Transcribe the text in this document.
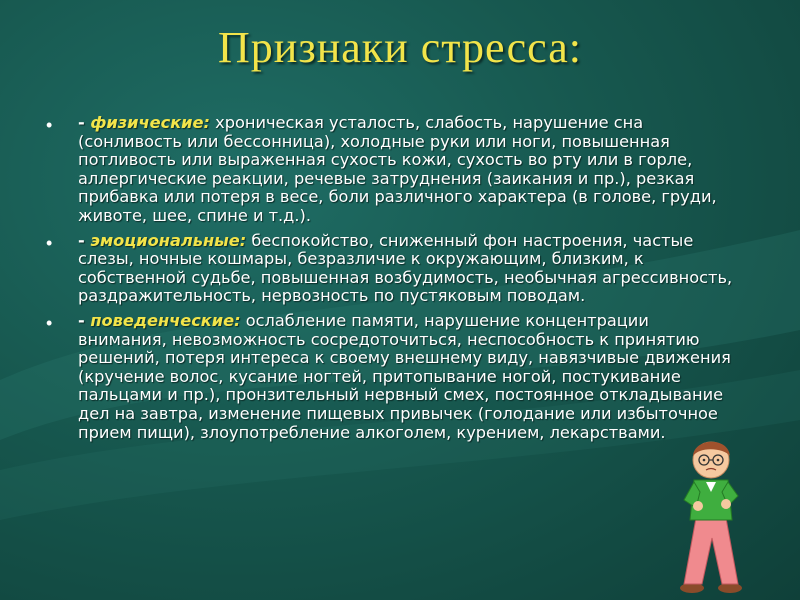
Признаки стресса:
• - физические: хроническая усталость, слабость, нарушение сна (сонливость или бессонница), холодные руки или ноги, повышенная потливость или выраженная сухость кожи, сухость во рту или в горле, аллергические реакции, речевые затруднения (заикания и пр.), резкая прибавка или потеря в весе, боли различного характера (в голове, груди, животе, шее, спине и т.д.).
• - эмоциональные: беспокойство, сниженный фон настроения, частые слезы, ночные кошмары, безразличие к окружающим, близким, к собственной судьбе, повышенная возбудимость, необычная агрессивность, раздражительность, нервозность по пустяковым поводам.
• - поведенческие: ослабление памяти, нарушение концентрации внимания, невозможность сосредоточиться, неспособность к принятию решений, потеря интереса к своему внешнему виду, навязчивые движения (кручение волос, кусание ногтей, притопывание ногой, постукивание пальцами и пр.), пронзительный нервный смех, постоянное откладывание дел на завтра, изменение пищевых привычек (голодание или избыточное прием пищи), злоупотребление алкоголем, курением, лекарствами.
